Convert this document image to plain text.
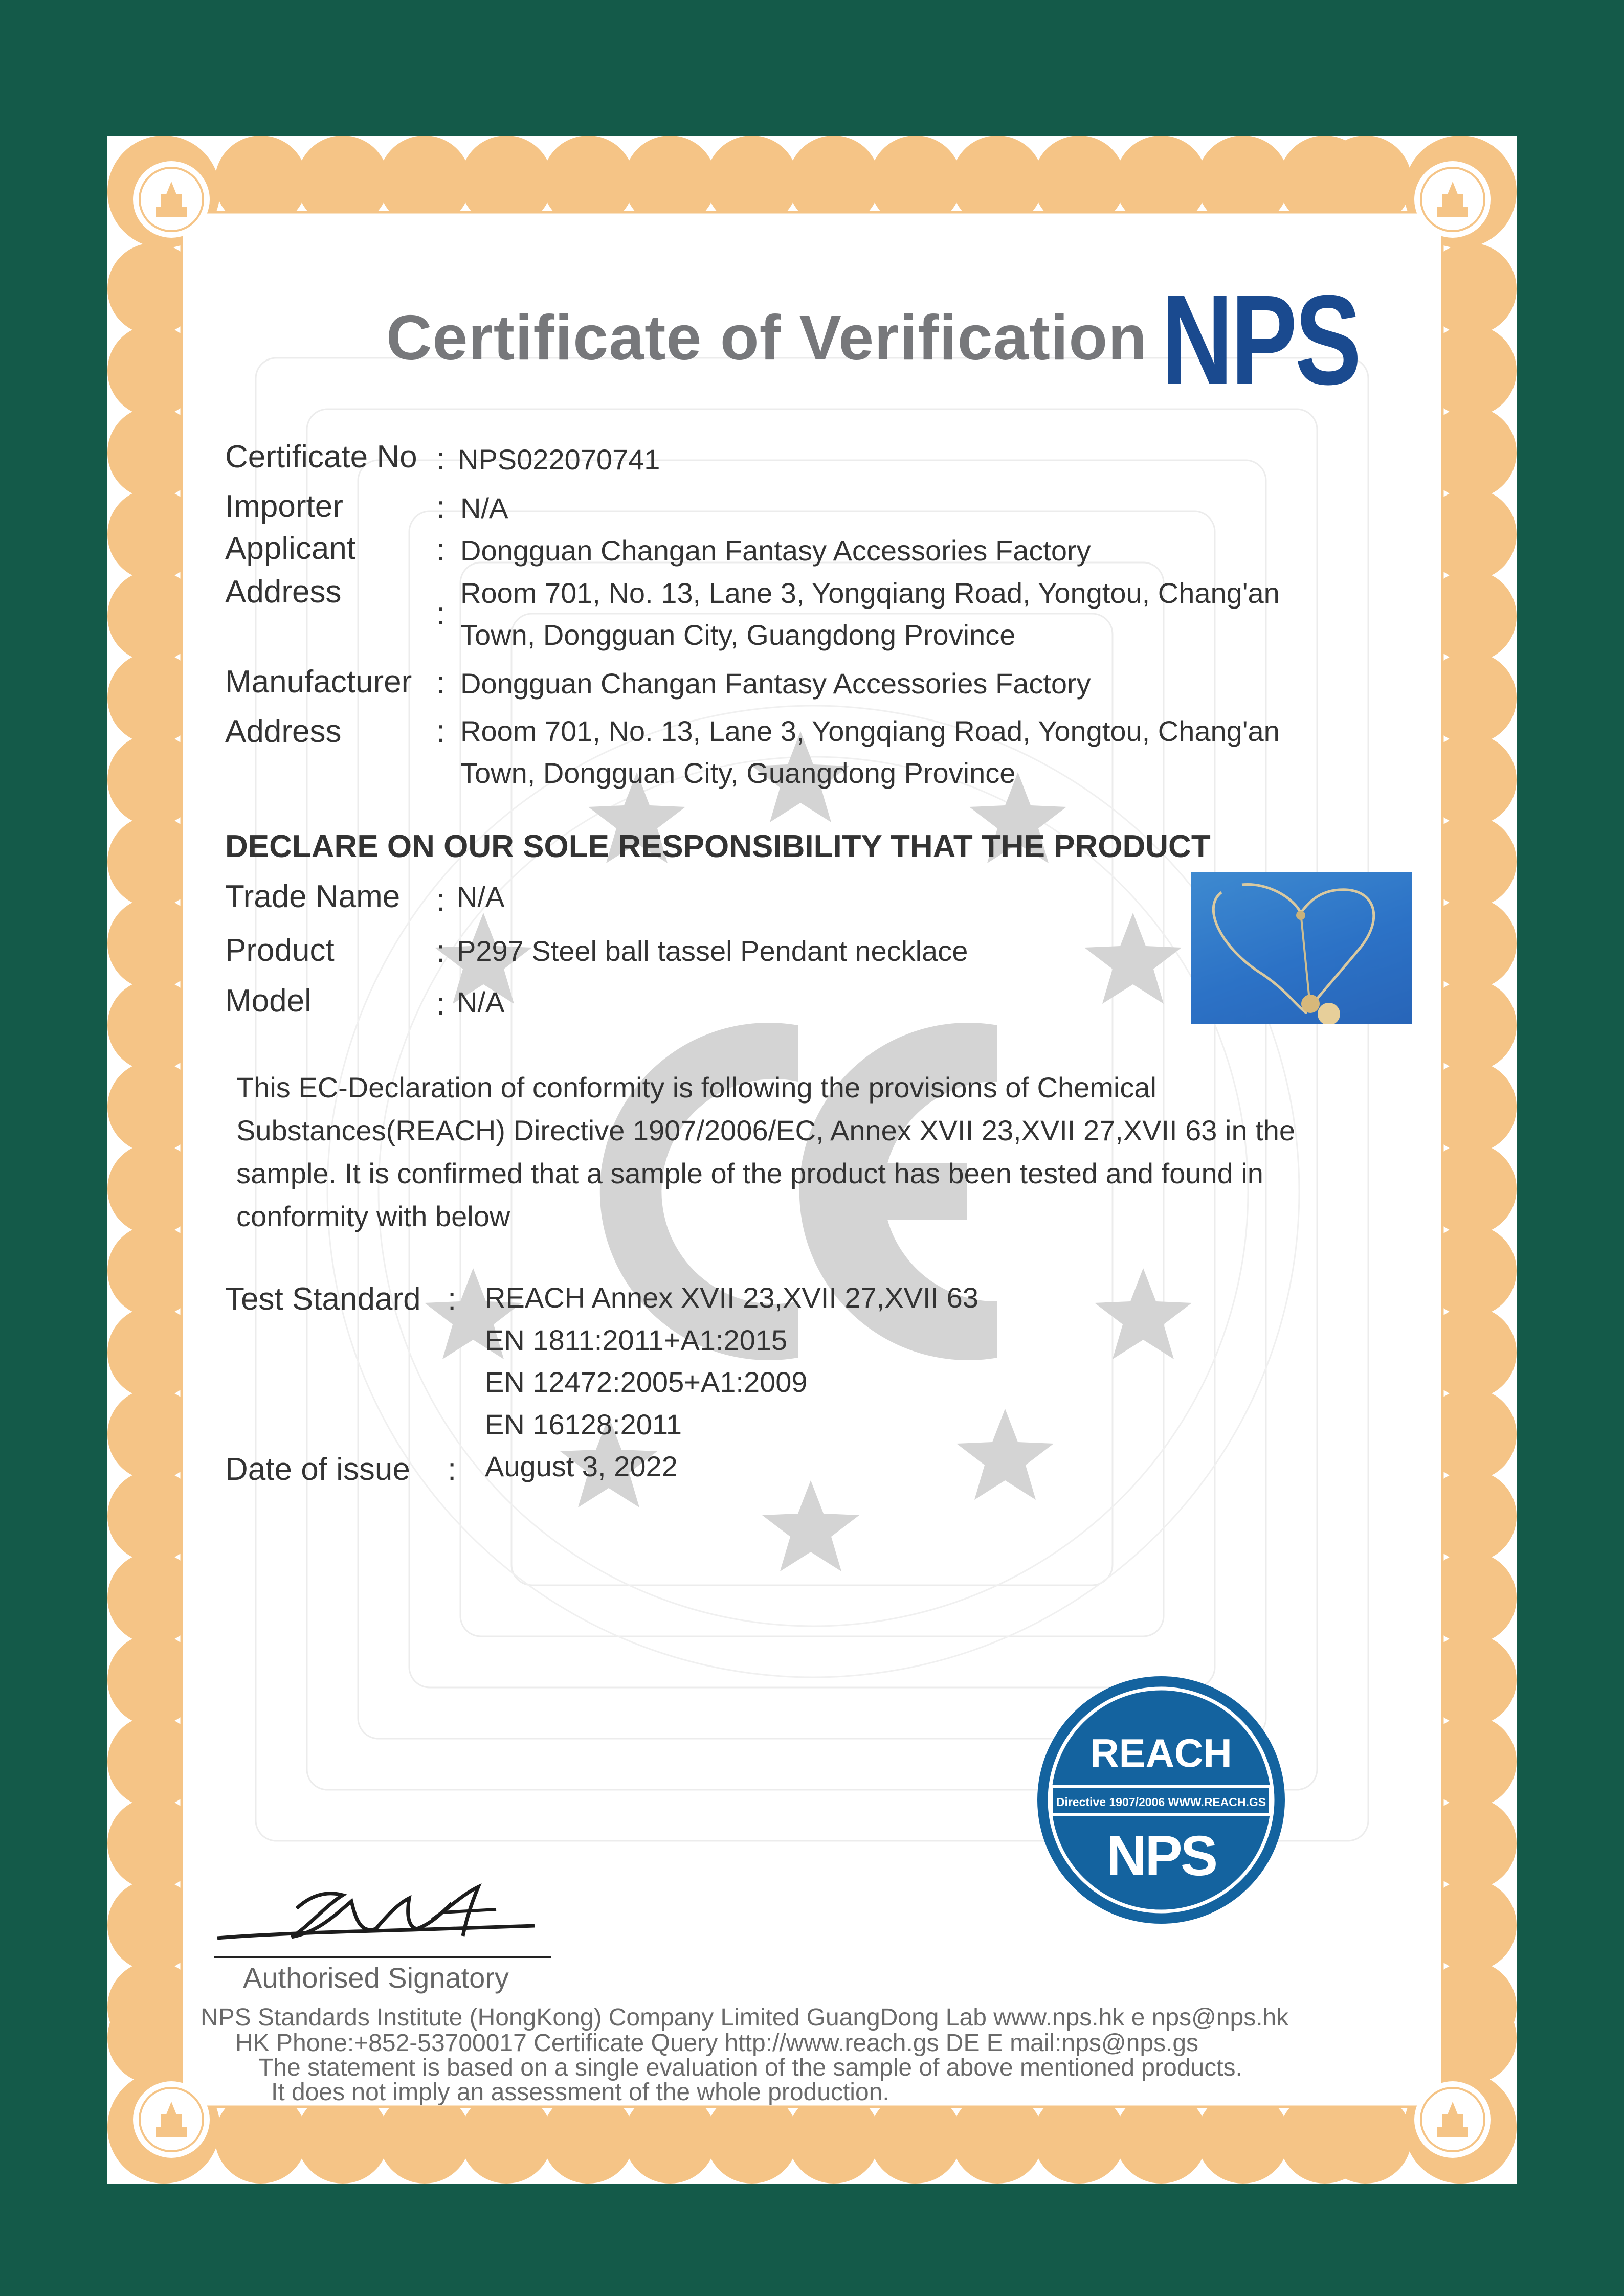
Certificate of Verification NPS
Certificate No : NPS022070741
Importer	: N/A
Applicant	: Dongguan Changan Fantasy Accessories Factory
Address
:
Room 701, No. 13, Lane 3, Yongqiang Road, Yongtou, Chang'an
Town, Dongguan City, Guangdong Province
Manufacturer : Dongguan Changan Fantasy Accessories Factory
Address	: Room 701, No. 13, Lane 3, Yongqiang Road, Yongtou, Chang'an
Town, Dongguan City, Guangdong Province
DECLARE ON OUR SOLE RESPONSIBILITY THAT THE PRODUCT
Trade Name : N/A
Product	: P297 Steel ball tassel Pendant necklace
Model	: N/A
This EC-Declaration of conformity is following the provisions of Chemical
Substances(REACH) Directive 1907/2006/EC, Annex XVII 23,XVII 27,XVII 63 in the
sample. It is confirmed that a sample of the product has been tested and found in
conformity with below
Test Standard : REACH Annex XVII 23,XVII 27,XVII 63
EN 1811:2011+A1:2015
EN 12472:2005+A1:2009
EN 16128:2011
Date of issue : August 3, 2022
REACH
Directive 1907/2006 WWW.REACH.GS
NPS
Authorised Signatory
NPS Standards Institute (HongKong) Company Limited GuangDong Lab www.nps.hk e nps@nps.hk
HK Phone:+852-53700017 Certificate Query http://www.reach.gs DE E mail:nps@nps.gs
The statement is based on a single evaluation of the sample of above mentioned products.
It does not imply an assessment of the whole production.
